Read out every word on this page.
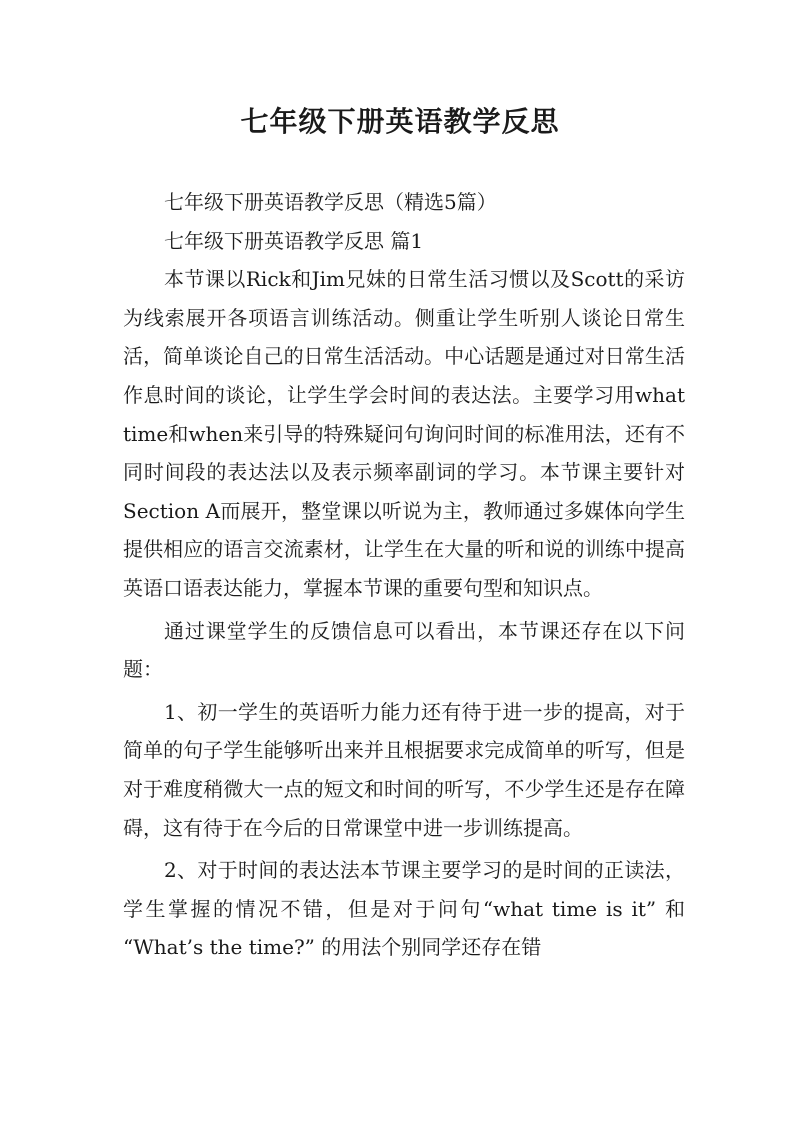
七年级下册英语教学反思

七年级下册英语教学反思（精选5篇）

七年级下册英语教学反思 篇1

本节课以Rick和Jim兄妹的日常生活习惯以及Scott的采访为线索展开各项语言训练活动。侧重让学生听别人谈论日常生活，简单谈论自己的日常生活活动。中心话题是通过对日常生活作息时间的谈论，让学生学会时间的表达法。主要学习用what time和when来引导的特殊疑问句询问时间的标准用法，还有不同时间段的表达法以及表示频率副词的学习。本节课主要针对Section A而展开，整堂课以听说为主，教师通过多媒体向学生提供相应的语言交流素材，让学生在大量的听和说的训练中提高英语口语表达能力，掌握本节课的重要句型和知识点。

通过课堂学生的反馈信息可以看出，本节课还存在以下问题：

1、初一学生的英语听力能力还有待于进一步的提高，对于简单的句子学生能够听出来并且根据要求完成简单的听写，但是对于难度稍微大一点的短文和时间的听写，不少学生还是存在障碍，这有待于在今后的日常课堂中进一步训练提高。

2、对于时间的表达法本节课主要学习的是时间的正读法，学生掌握的情况不错，但是对于问句“what time is it” 和 “What’s the time?” 的用法个别同学还存在错
